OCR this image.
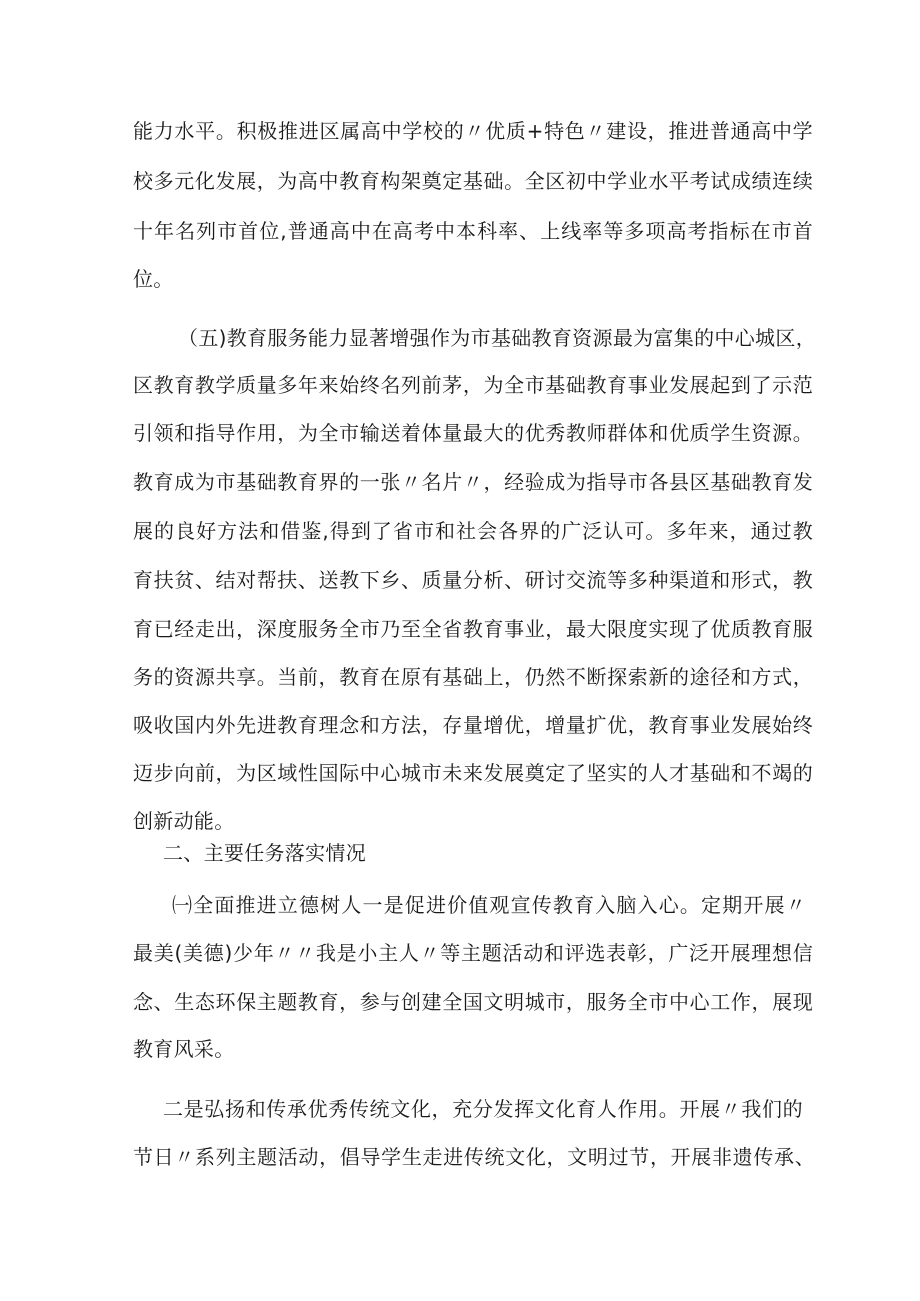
能力水平。积极推进区属高中学校的〃优质+特色〃建设，推进普通高中学
校多元化发展，为高中教育构架奠定基础。全区初中学业水平考试成绩连续
十年名列市首位,普通高中在高考中本科率、上线率等多项高考指标在市首
位。
（五)教育服务能力显著增强作为市基础教育资源最为富集的中心城区，
区教育教学质量多年来始终名列前茅，为全市基础教育事业发展起到了示范
引领和指导作用，为全市输送着体量最大的优秀教师群体和优质学生资源。
教育成为市基础教育界的一张〃名片〃，经验成为指导市各县区基础教育发
展的良好方法和借鉴,得到了省市和社会各界的广泛认可。多年来，通过教
育扶贫、结对帮扶、送教下乡、质量分析、研讨交流等多种渠道和形式，教
育已经走出，深度服务全市乃至全省教育事业，最大限度实现了优质教育服
务的资源共享。当前，教育在原有基础上，仍然不断探索新的途径和方式，
吸收国内外先进教育理念和方法，存量增优，增量扩优，教育事业发展始终
迈步向前，为区域性国际中心城市未来发展奠定了坚实的人才基础和不竭的
创新动能。
二、主要任务落实情况
㈠全面推进立德树人一是促进价值观宣传教育入脑入心。定期开展〃
最美(美德)少年〃〃我是小主人〃等主题活动和评选表彰，广泛开展理想信
念、生态环保主题教育，参与创建全国文明城市，服务全市中心工作，展现
教育风采。
二是弘扬和传承优秀传统文化，充分发挥文化育人作用。开展〃我们的
节日〃系列主题活动，倡导学生走进传统文化，文明过节，开展非遗传承、
